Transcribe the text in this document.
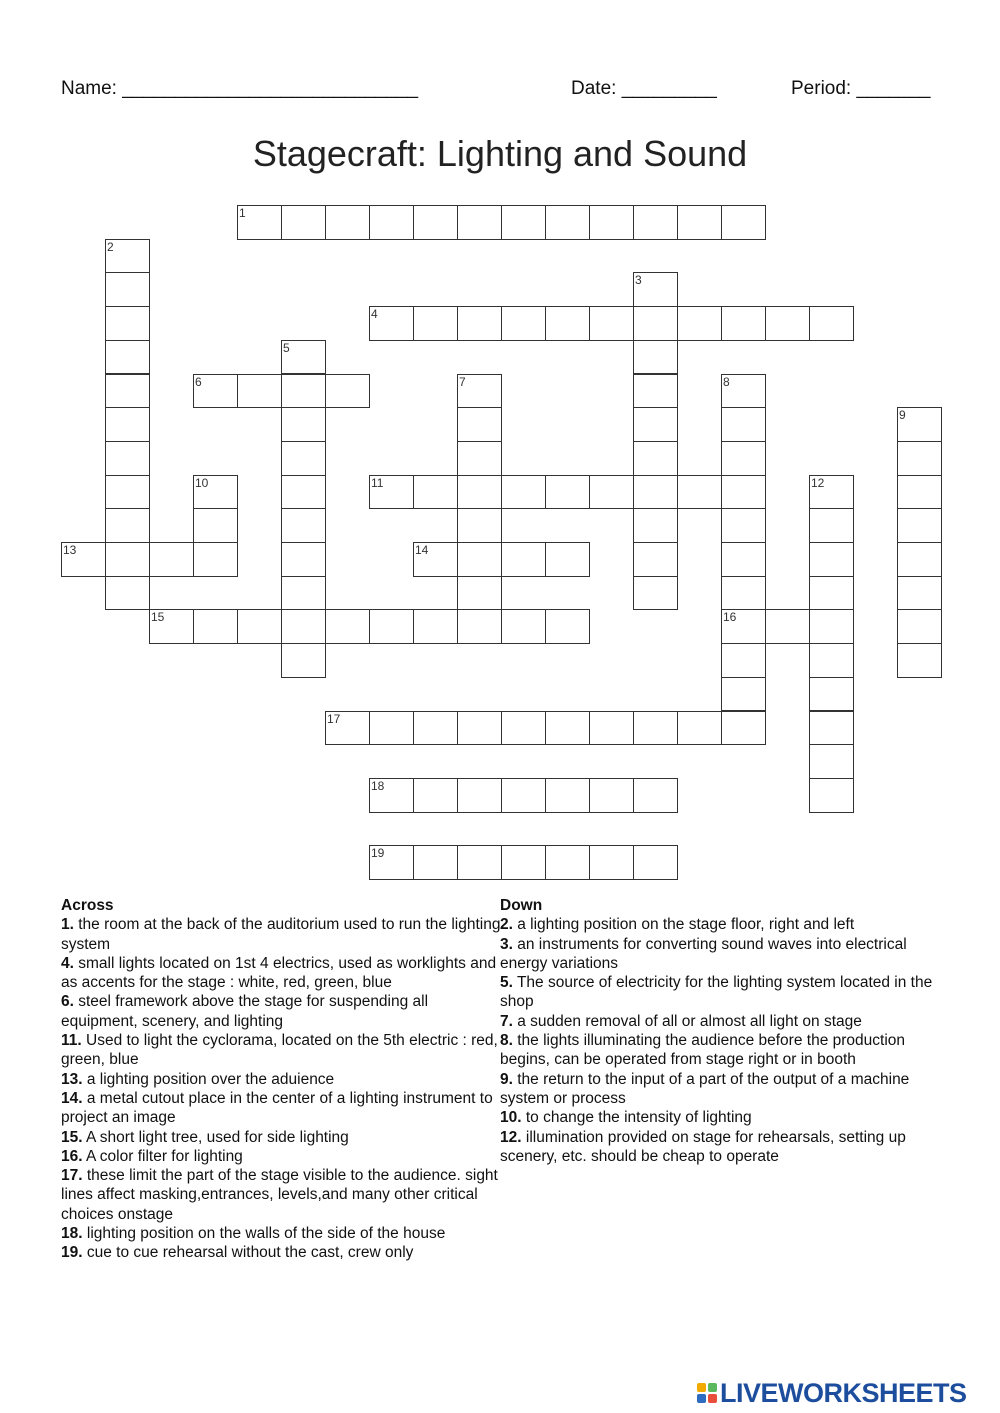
Name: ____________________________	Date: _________	Period: _______
Stagecraft: Lighting and Sound
1
2
3
4
5
6	7	8
9
10	11	12
13	14
15	16
17
18
19
Across

1. the room at the back of the auditorium used to run the lighting system

4. small lights located on 1st 4 electrics, used as worklights and as accents for the stage : white, red, green, blue

6. steel framework above the stage for suspending all equipment, scenery, and lighting

11. Used to light the cyclorama, located on the 5th electric : red, green, blue

13. a lighting position over the aduience

14. a metal cutout place in the center of a lighting instrument to project an image

15. A short light tree, used for side lighting

16. A color filter for lighting

17. these limit the part of the stage visible to the audience. sight lines affect masking,entrances, levels,and many other critical choices onstage

18. lighting position on the walls of the side of the house

19. cue to cue rehearsal without the cast, crew only

Down

2. a lighting position on the stage floor, right and left

3. an instruments for converting sound waves into electrical energy variations

5. The source of electricity for the lighting system located in the shop

7. a sudden removal of all or almost all light on stage

8. the lights illuminating the audience before the production begins, can be operated from stage right or in booth

9. the return to the input of a part of the output of a machine system or process

10. to change the intensity of lighting

12. illumination provided on stage for rehearsals, setting up scenery, etc. should be cheap to operate

LIVEWORKSHEETS
